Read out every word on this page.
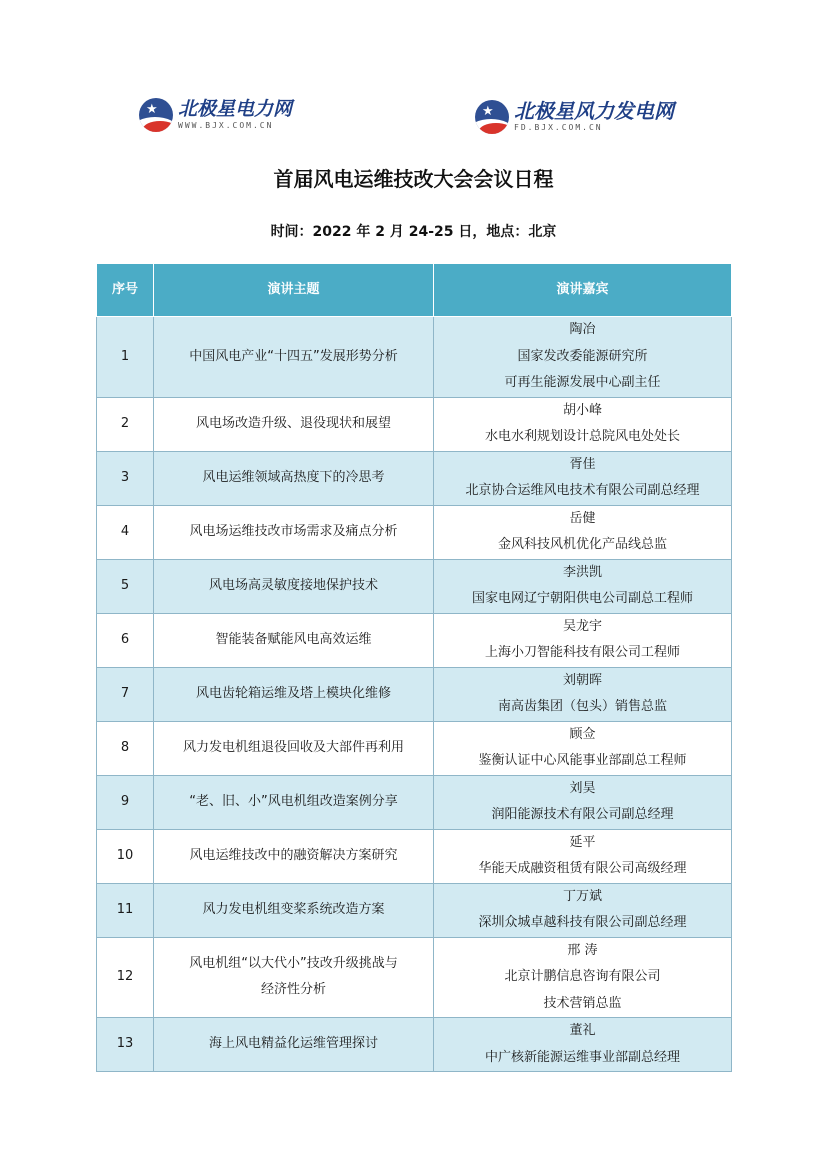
★ 北极星电力网
WWW.BJX.COM.CN
★ 北极星风力发电网
FD.BJX.COM.CN
首届风电运维技改大会会议日程
时间：2022 年 2 月 24-25 日，地点：北京
序号	演讲主题	演讲嘉宾
1	中国风电产业“十四五”发展形势分析	陶冶
国家发改委能源研究所
可再生能源发展中心副主任

2	风电场改造升级、退役现状和展望	胡小峰
水电水利规划设计总院风电处处长

3	风电运维领域高热度下的冷思考	胥佳
北京协合运维风电技术有限公司副总经理

4	风电场运维技改市场需求及痛点分析	岳健
金风科技风机优化产品线总监

5	风电场高灵敏度接地保护技术	李洪凯
国家电网辽宁朝阳供电公司副总工程师

6	智能装备赋能风电高效运维	吴龙宇
上海小刀智能科技有限公司工程师

7	风电齿轮箱运维及塔上模块化维修	刘朝晖
南高齿集团（包头）销售总监

8	风力发电机组退役回收及大部件再利用	顾佥
鉴衡认证中心风能事业部副总工程师

9	“老、旧、小”风电机组改造案例分享	刘昊
润阳能源技术有限公司副总经理

10	风电运维技改中的融资解决方案研究	延平
华能天成融资租赁有限公司高级经理

11	风力发电机组变桨系统改造方案	丁万斌
深圳众城卓越科技有限公司副总经理

12	风电机组“以大代小”技改升级挑战与
经济性分析	邢 涛
北京计鹏信息咨询有限公司
技术营销总监

13	海上风电精益化运维管理探讨	董礼
中广核新能源运维事业部副总经理
